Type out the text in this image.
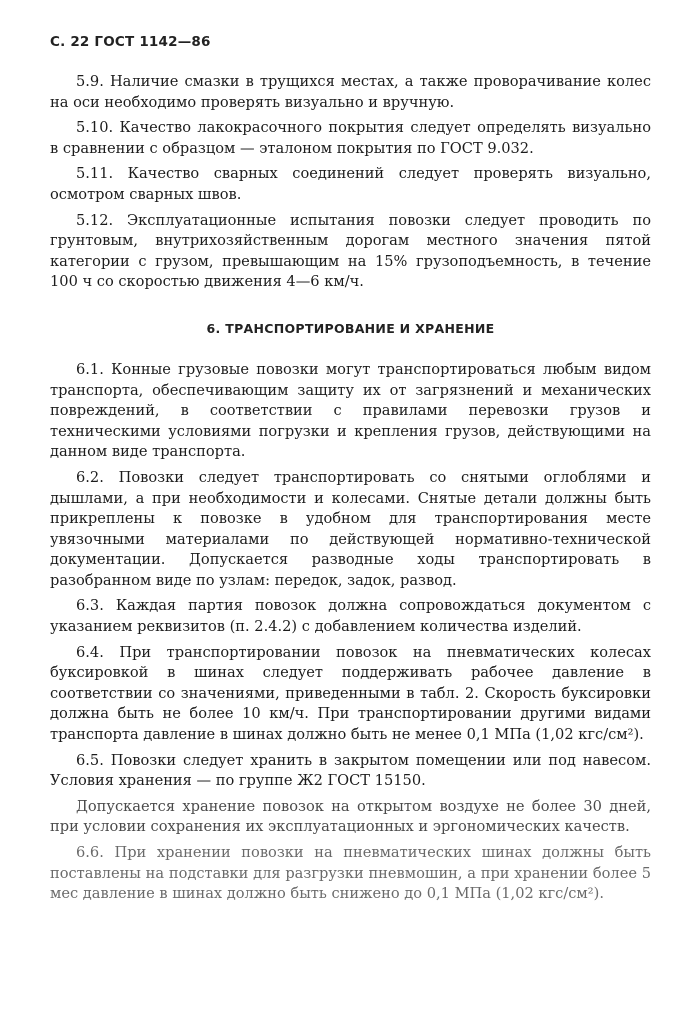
С. 22 ГОСТ 1142—86

5.9. Наличие смазки в трущихся местах, а также проворачивание колес на оси необходимо проверять визуально и вручную.

5.10. Качество лакокрасочного покрытия следует определять визуально в сравнении с образцом — эталоном покрытия по ГОСТ 9.032.

5.11. Качество сварных соединений следует проверять визуально, осмотром сварных швов.

5.12. Эксплуатационные испытания повозки следует проводить по грунтовым, внутрихозяйственным дорогам местного значения пятой категории с грузом, превышающим на 15% грузоподъемность, в течение 100 ч со скоростью движения 4—6 км/ч.

6. ТРАНСПОРТИРОВАНИЕ И ХРАНЕНИЕ

6.1. Конные грузовые повозки могут транспортироваться любым видом транспорта, обеспечивающим защиту их от загрязнений и механических повреждений, в соответствии с правилами перевозки грузов и техническими условиями погрузки и крепления грузов, действующими на данном виде транспорта.

6.2. Повозки следует транспортировать со снятыми оглоблями и дышлами, а при необходимости и колесами. Снятые детали должны быть прикреплены к повозке в удобном для транспортирования месте увязочными материалами по действующей нормативно-технической документации. Допускается разводные ходы транспортировать в разобранном виде по узлам: передок, задок, развод.

6.3. Каждая партия повозок должна сопровождаться документом с указанием реквизитов (п. 2.4.2) с добавлением количества изделий.

6.4. При транспортировании повозок на пневматических колесах буксировкой в шинах следует поддерживать рабочее давление в соответствии со значениями, приведенными в табл. 2. Скорость буксировки должна быть не более 10 км/ч. При транспортировании другими видами транспорта давление в шинах должно быть не менее 0,1 МПа (1,02 кгс/см²).

6.5. Повозки следует хранить в закрытом помещении или под навесом. Условия хранения — по группе Ж2 ГОСТ 15150.

Допускается хранение повозок на открытом воздухе не более 30 дней, при условии сохранения их эксплуатационных и эргономических качеств.

6.6. При хранении повозки на пневматических шинах должны быть поставлены на подставки для разгрузки пневмошин, а при хранении более 5 мес давление в шинах должно быть снижено до 0,1 МПа (1,02 кгс/см²).
